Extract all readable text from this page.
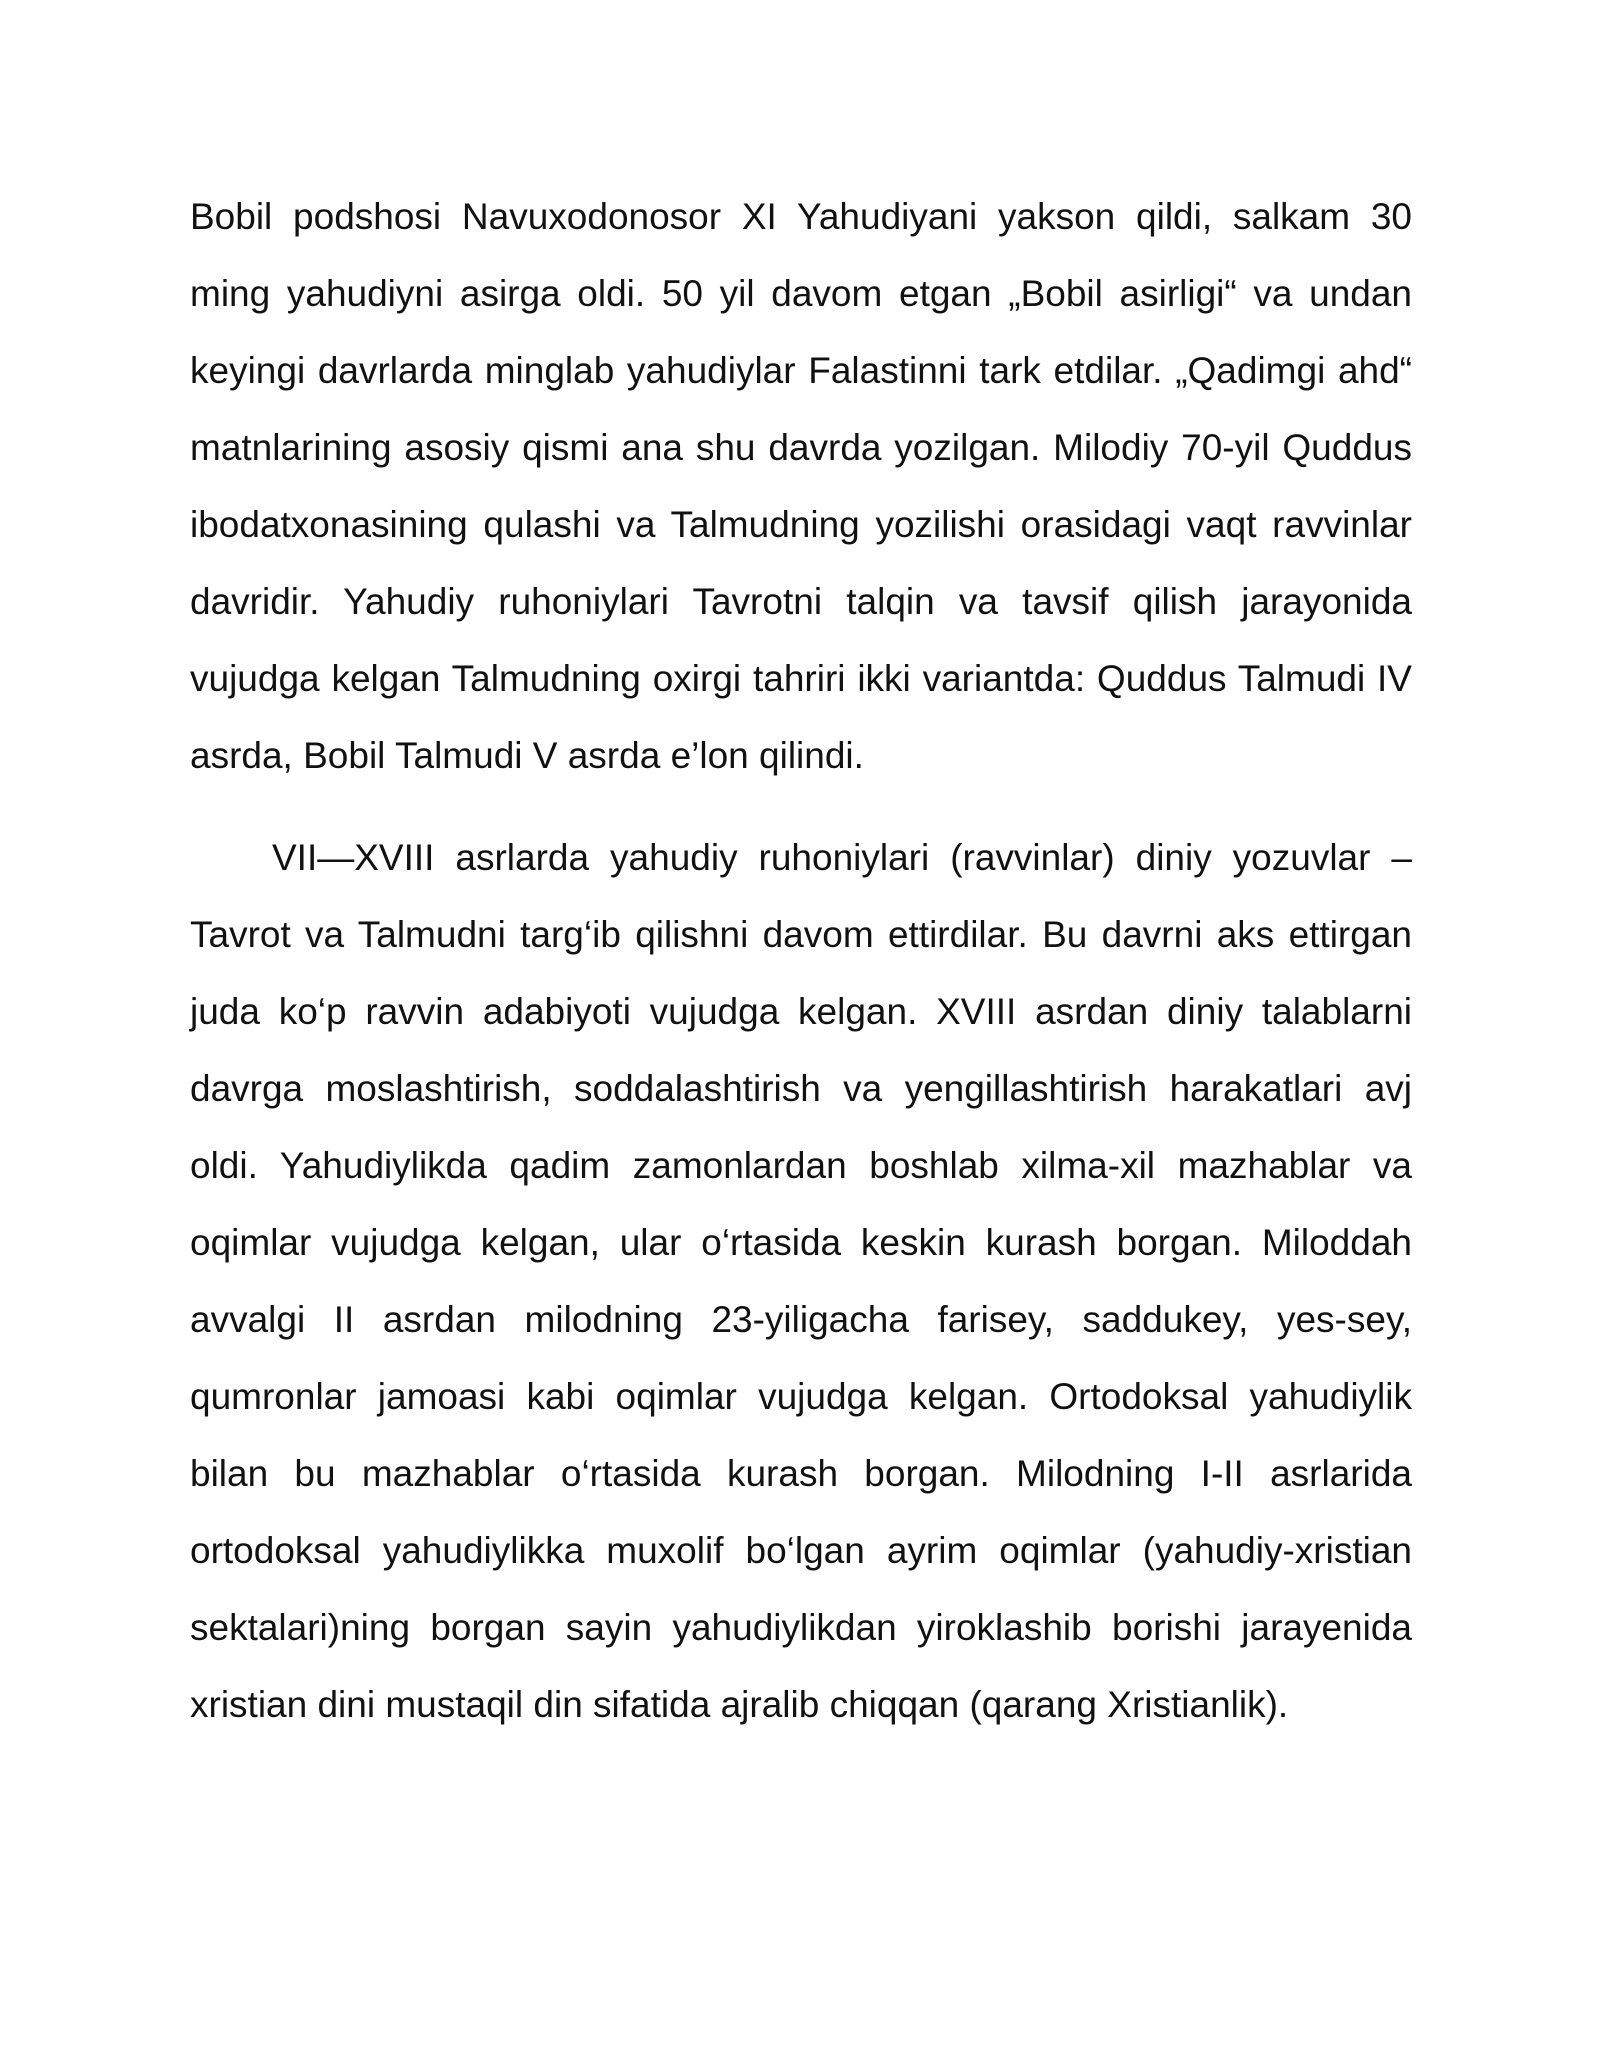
Bobil podshosi Navuxodonosor XI Yahudiyani yakson qildi, salkam 30 ming yahudiyni asirga oldi. 50 yil davom etgan „Bobil asirligi“ va undan keyingi davrlarda minglab yahudiylar Falastinni tark etdilar. „Qadimgi ahd“ matnlarining asosiy qismi ana shu davrda yozilgan. Milodiy 70-yil Quddus ibodatxonasining qulashi va Talmudning yozilishi orasidagi vaqt ravvinlar davridir. Yahudiy ruhoniylari Tavrotni talqin va tavsif qilish jarayonida vujudga kelgan Talmudning oxirgi tahriri ikki variantda: Quddus Talmudi IV asrda, Bobil Talmudi V asrda e’lon qilindi.

VII—XVIII asrlarda yahudiy ruhoniylari (ravvinlar) diniy yozuvlar – Tavrot va Talmudni targ‘ib qilishni davom ettirdilar. Bu davrni aks ettirgan juda ko‘p ravvin adabiyoti vujudga kelgan. XVIII asrdan diniy talablarni davrga moslashtirish, soddalashtirish va yengillashtirish harakatlari avj oldi. Yahudiylikda qadim zamonlardan boshlab xilma-xil mazhablar va oqimlar vujudga kelgan, ular o‘rtasida keskin kurash borgan. Miloddah avvalgi II asrdan milodning 23-yiligacha farisey, saddukey, yes-sey, qumronlar jamoasi kabi oqimlar vujudga kelgan. Ortodoksal yahudiylik bilan bu mazhablar o‘rtasida kurash borgan. Milodning I-II asrlarida ortodoksal yahudiylikka muxolif bo‘lgan ayrim oqimlar (yahudiy-xristian sektalari)ning borgan sayin yahudiylikdan yiroklashib borishi jarayenida xristian dini mustaqil din sifatida ajralib chiqqan (qarang Xristianlik).
